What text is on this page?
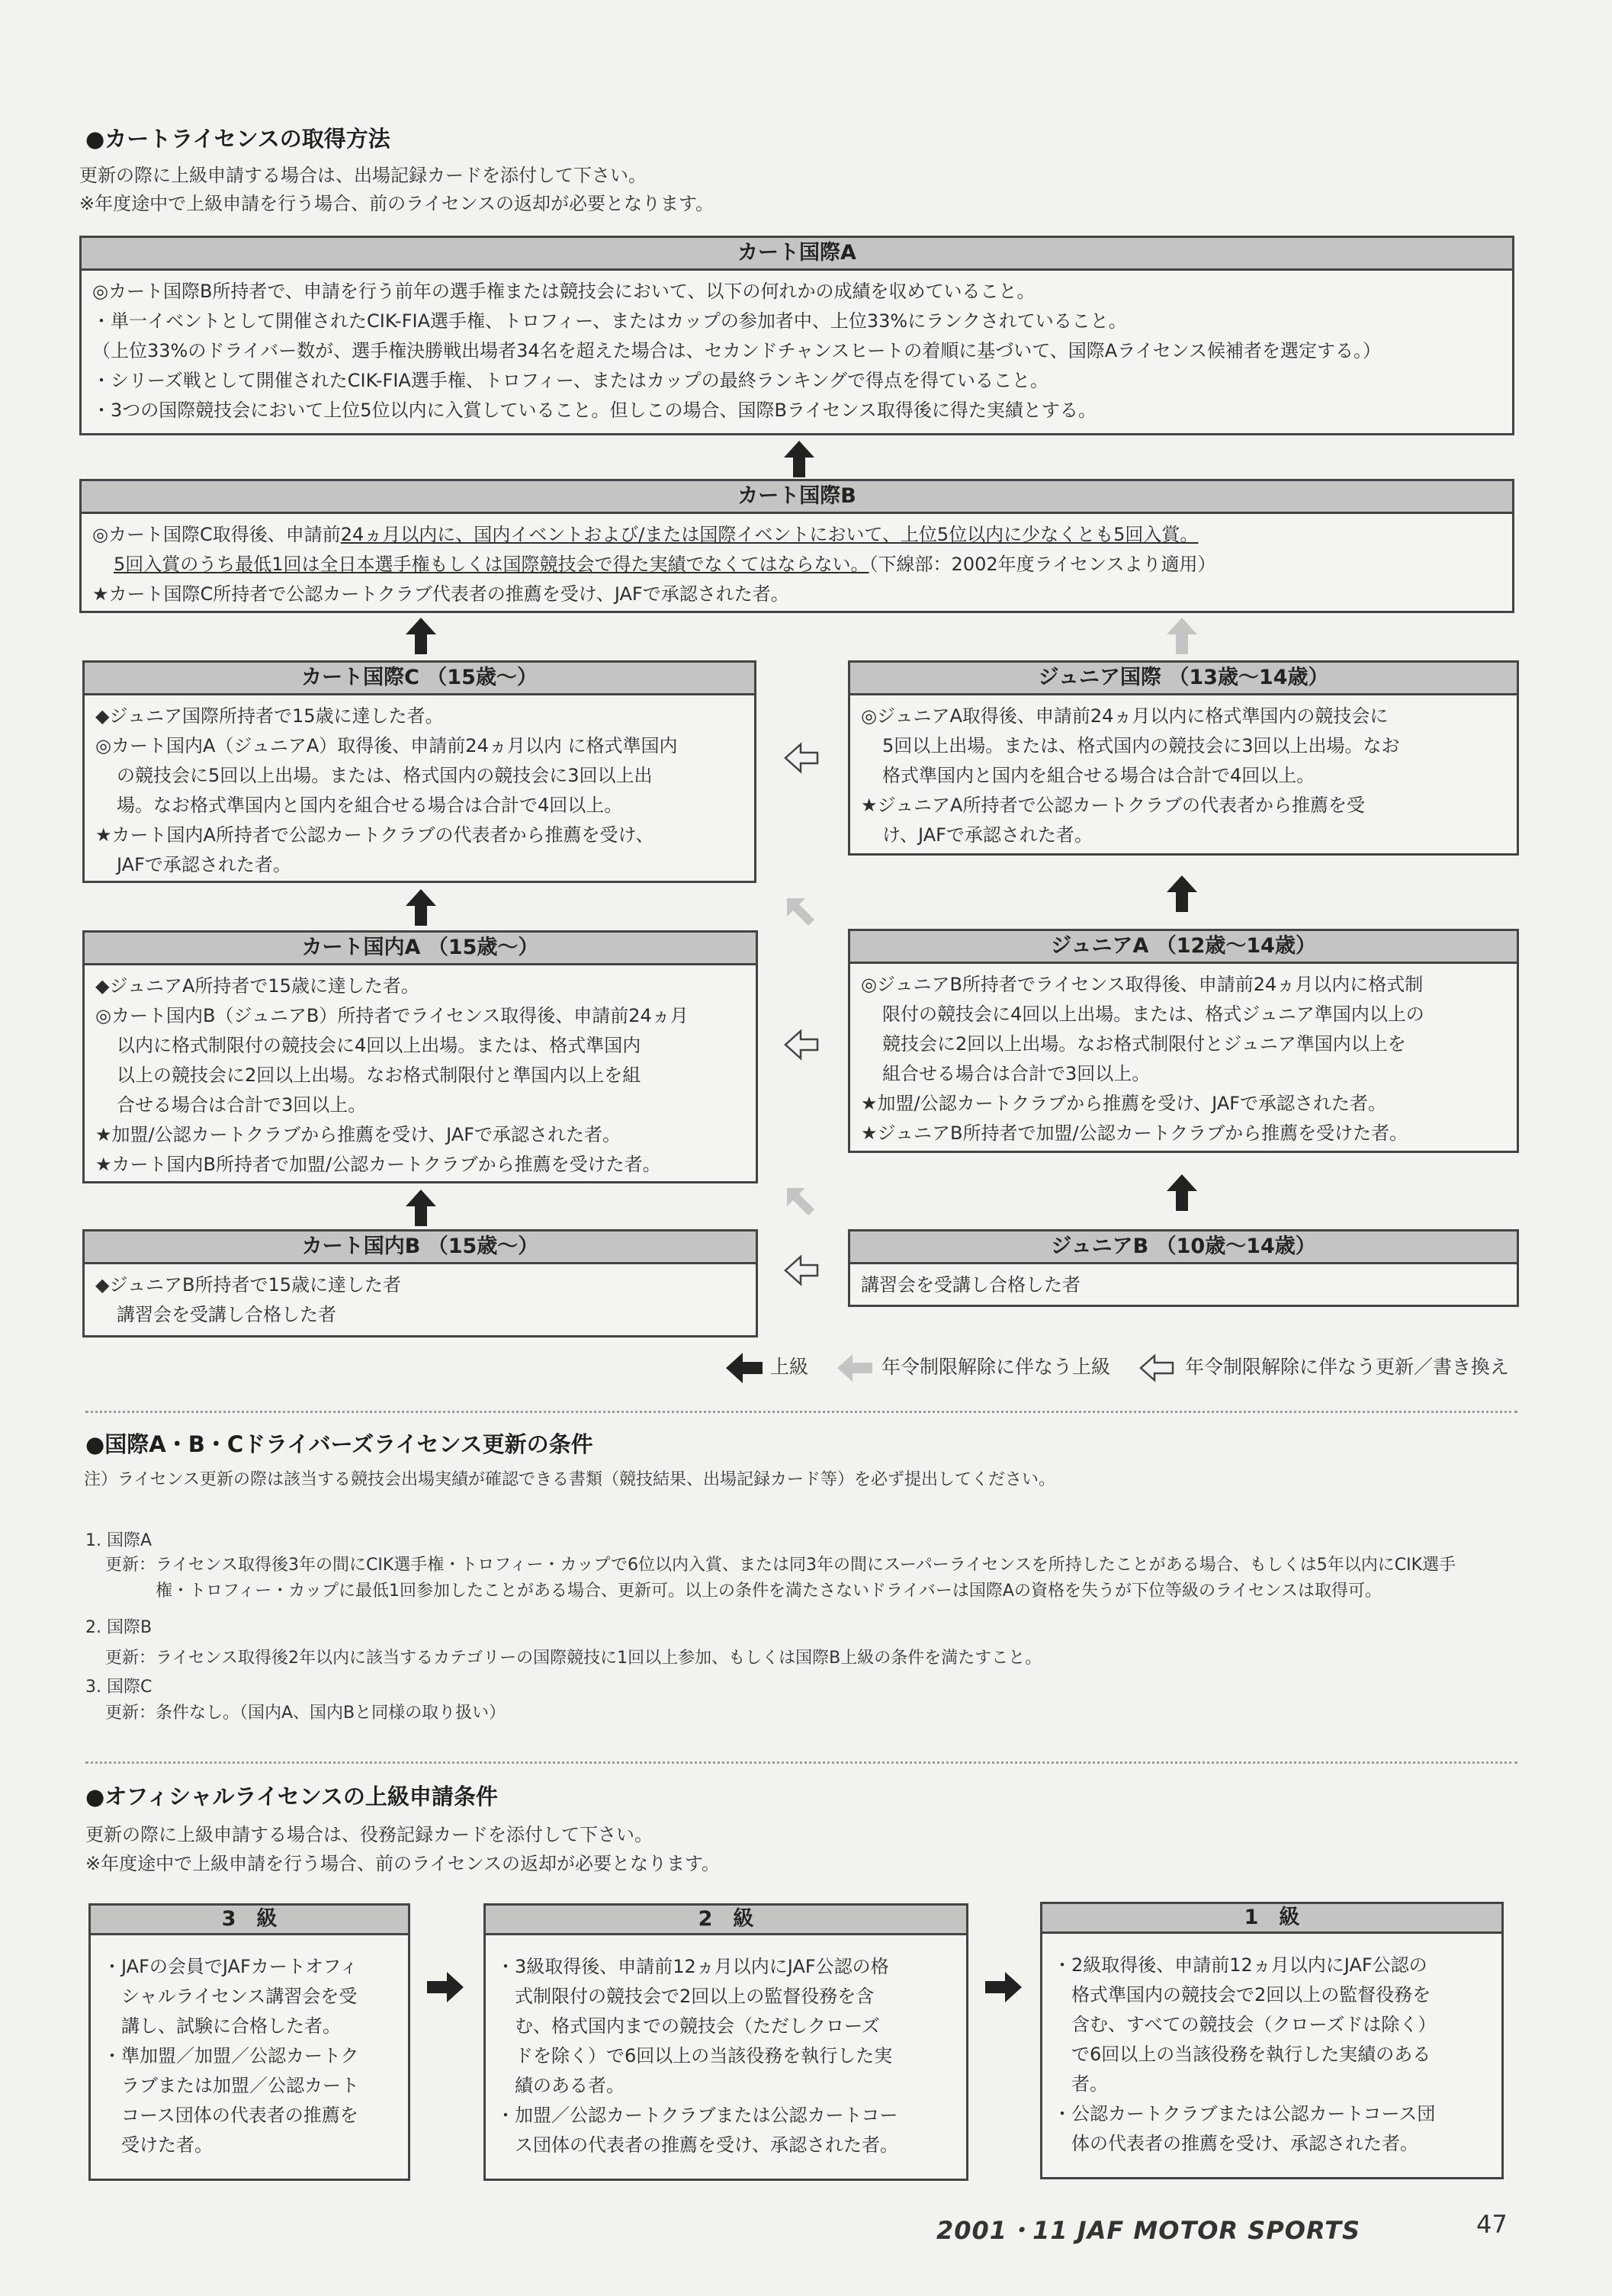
●カートライセンスの取得方法
更新の際に上級申請する場合は、出場記録カードを添付して下さい。
※年度途中で上級申請を行う場合、前のライセンスの返却が必要となります。
カート国際A
◎カート国際B所持者で、申請を行う前年の選手権または競技会において、以下の何れかの成績を収めていること。
・単一イベントとして開催されたCIK-FIA選手権、トロフィー、またはカップの参加者中、上位33%にランクされていること。
（上位33%のドライバー数が、選手権決勝戦出場者34名を超えた場合は、セカンドチャンスヒートの着順に基づいて、国際Aライセンス候補者を選定する。）
・シリーズ戦として開催されたCIK-FIA選手権、トロフィー、またはカップの最終ランキングで得点を得ていること。
・3つの国際競技会において上位5位以内に入賞していること。但しこの場合、国際Bライセンス取得後に得た実績とする。
カート国際B
◎カート国際C取得後、申請前24ヵ月以内に、国内イベントおよび/または国際イベントにおいて、上位5位以内に少なくとも5回入賞。
5回入賞のうち最低1回は全日本選手権もしくは国際競技会で得た実績でなくてはならない。（下線部：2002年度ライセンスより適用）
★カート国際C所持者で公認カートクラブ代表者の推薦を受け、JAFで承認された者。
カート国際C （15歳〜）
◆ジュニア国際所持者で15歳に達した者。
◎カート国内A（ジュニアA）取得後、申請前24ヵ月以内 に格式準国内
の競技会に5回以上出場。または、格式国内の競技会に3回以上出
場。なお格式準国内と国内を組合せる場合は合計で4回以上。
★カート国内A所持者で公認カートクラブの代表者から推薦を受け、
JAFで承認された者。
ジュニア国際 （13歳〜14歳）
◎ジュニアA取得後、申請前24ヵ月以内に格式準国内の競技会に
5回以上出場。または、格式国内の競技会に3回以上出場。なお
格式準国内と国内を組合せる場合は合計で4回以上。
★ジュニアA所持者で公認カートクラブの代表者から推薦を受
け、JAFで承認された者。
カート国内A （15歳〜）
◆ジュニアA所持者で15歳に達した者。
◎カート国内B（ジュニアB）所持者でライセンス取得後、申請前24ヵ月
以内に格式制限付の競技会に4回以上出場。または、格式準国内
以上の競技会に2回以上出場。なお格式制限付と準国内以上を組
合せる場合は合計で3回以上。
★加盟/公認カートクラブから推薦を受け、JAFで承認された者。
★カート国内B所持者で加盟/公認カートクラブから推薦を受けた者。
ジュニアA （12歳〜14歳）
◎ジュニアB所持者でライセンス取得後、申請前24ヵ月以内に格式制
限付の競技会に4回以上出場。または、格式ジュニア準国内以上の
競技会に2回以上出場。なお格式制限付とジュニア準国内以上を
組合せる場合は合計で3回以上。
★加盟/公認カートクラブから推薦を受け、JAFで承認された者。
★ジュニアB所持者で加盟/公認カートクラブから推薦を受けた者。
カート国内B （15歳〜）
◆ジュニアB所持者で15歳に達した者
講習会を受講し合格した者
ジュニアB （10歳〜14歳）
講習会を受講し合格した者
上級	年令制限解除に伴なう上級	年令制限解除に伴なう更新／書き換え
●国際A・B・Cドライバーズライセンス更新の条件
注）ライセンス更新の際は該当する競技会出場実績が確認できる書類（競技結果、出場記録カード等）を必ず提出してください。
1. 国際A
更新：ライセンス取得後3年の間にCIK選手権・トロフィー・カップで6位以内入賞、または同3年の間にスーパーライセンスを所持したことがある場合、もしくは5年以内にCIK選手
権・トロフィー・カップに最低1回参加したことがある場合、更新可。以上の条件を満たさないドライバーは国際Aの資格を失うが下位等級のライセンスは取得可。
2. 国際B
更新：ライセンス取得後2年以内に該当するカテゴリーの国際競技に1回以上参加、もしくは国際B上級の条件を満たすこと。
3. 国際C
更新：条件なし。（国内A、国内Bと同様の取り扱い）
●オフィシャルライセンスの上級申請条件
更新の際に上級申請する場合は、役務記録カードを添付して下さい。
※年度途中で上級申請を行う場合、前のライセンスの返却が必要となります。
3　級
・JAFの会員でJAFカートオフィ
　シャルライセンス講習会を受
　講し、試験に合格した者。
・準加盟／加盟／公認カートク
　ラブまたは加盟／公認カート
　コース団体の代表者の推薦を
　受けた者。
2　級
・3級取得後、申請前12ヵ月以内にJAF公認の格
　式制限付の競技会で2回以上の監督役務を含
　む、格式国内までの競技会（ただしクローズ
　ドを除く）で6回以上の当該役務を執行した実
　績のある者。
・加盟／公認カートクラブまたは公認カートコー
　ス団体の代表者の推薦を受け、承認された者。
1　級
・2級取得後、申請前12ヵ月以内にJAF公認の
　格式準国内の競技会で2回以上の監督役務を
　含む、すべての競技会（クローズドは除く）
　で6回以上の当該役務を執行した実績のある
　者。
・公認カートクラブまたは公認カートコース団
　体の代表者の推薦を受け、承認された者。
2001・11 JAF MOTOR SPORTS	47
